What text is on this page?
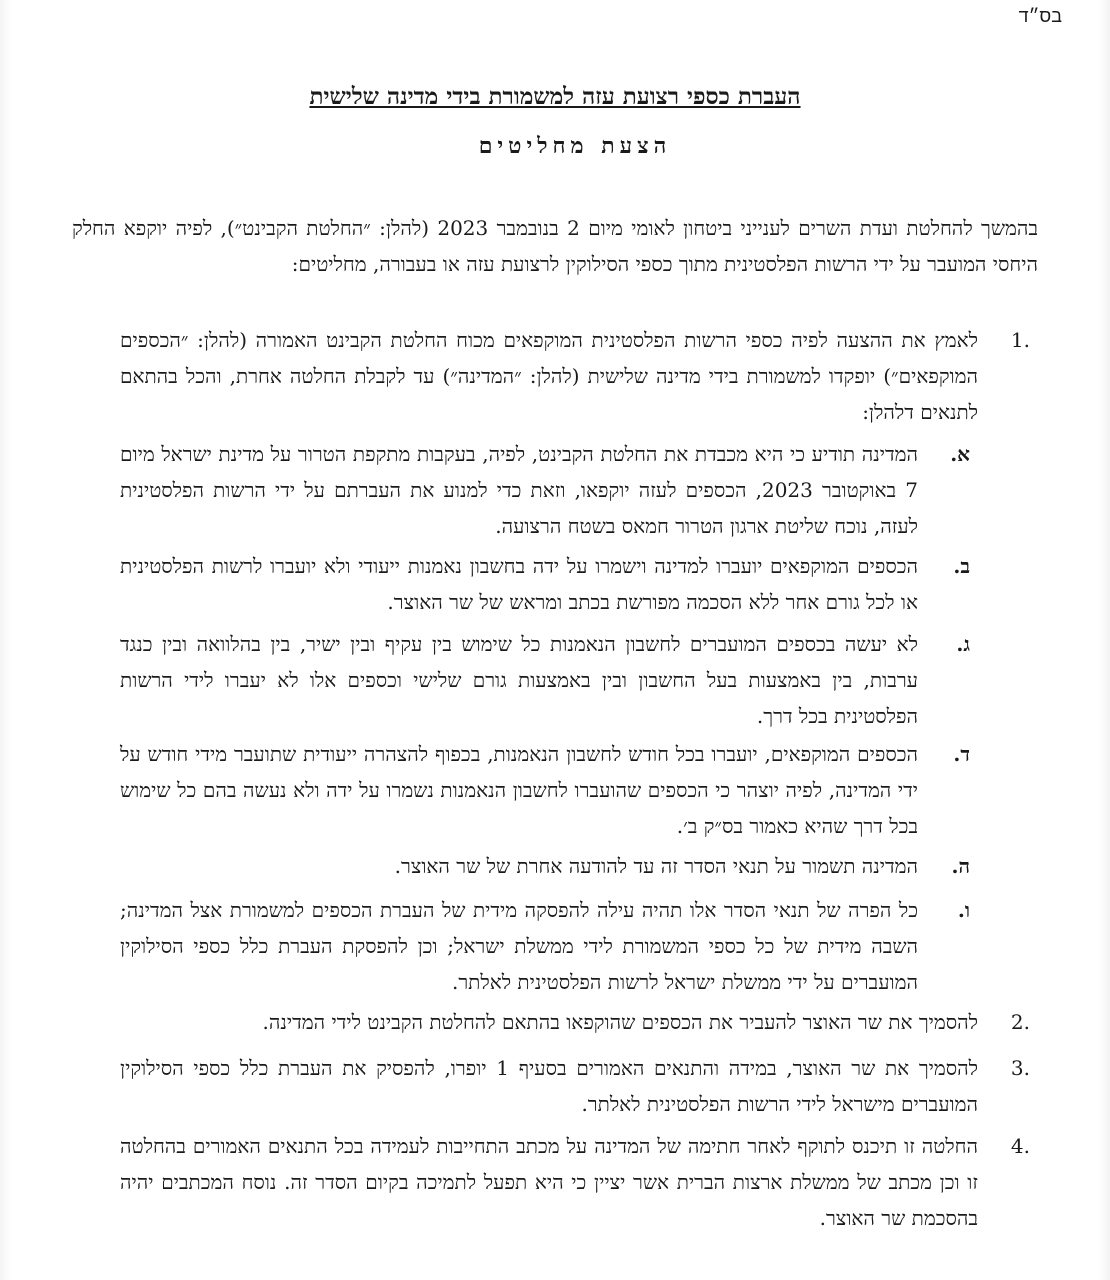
בס״ד
העברת כספי רצועת עזה למשמורת בידי מדינה שלישית
הצעת מחליטים
בהמשך להחלטת ועדת השרים לענייני ביטחון לאומי מיום 2 בנובמבר 2023 (להלן: ״החלטת הקבינט״), לפיה יוקפא החלק היחסי המועבר על ידי הרשות הפלסטינית מתוך כספי הסילוקין לרצועת עזה או בעבורה, מחליטים:
1.
לאמץ את ההצעה לפיה כספי הרשות הפלסטינית המוקפאים מכוח החלטת הקבינט האמורה (להלן: ״הכספים המוקפאים״) יופקדו למשמורת בידי מדינה שלישית (להלן: ״המדינה״) עד לקבלת החלטה אחרת, והכל בהתאם לתנאים דלהלן:
א.
המדינה תודיע כי היא מכבדת את החלטת הקבינט, לפיה, בעקבות מתקפת הטרור על מדינת ישראל מיום 7 באוקטובר 2023, הכספים לעזה יוקפאו, וזאת כדי למנוע את העברתם על ידי הרשות הפלסטינית לעזה, נוכח שליטת ארגון הטרור חמאס בשטח הרצועה.
ב.
הכספים המוקפאים יועברו למדינה וישמרו על ידה בחשבון נאמנות ייעודי ולא יועברו לרשות הפלסטינית או לכל גורם אחר ללא הסכמה מפורשת בכתב ומראש של שר האוצר.
ג.
לא יעשה בכספים המועברים לחשבון הנאמנות כל שימוש בין עקיף ובין ישיר, בין בהלוואה ובין כנגד ערבות, בין באמצעות בעל החשבון ובין באמצעות גורם שלישי וכספים אלו לא יעברו לידי הרשות הפלסטינית בכל דרך.
ד.
הכספים המוקפאים, יועברו בכל חודש לחשבון הנאמנות, בכפוף להצהרה ייעודית שתועבר מידי חודש על ידי המדינה, לפיה יוצהר כי הכספים שהועברו לחשבון הנאמנות נשמרו על ידה ולא נעשה בהם כל שימוש בכל דרך שהיא כאמור בס״ק ב׳.
ה.
המדינה תשמור על תנאי הסדר זה עד להודעה אחרת של שר האוצר.
ו.
כל הפרה של תנאי הסדר אלו תהיה עילה להפסקה מידית של העברת הכספים למשמורת אצל המדינה; השבה מידית של כל כספי המשמורת לידי ממשלת ישראל; וכן להפסקת העברת כלל כספי הסילוקין המועברים על ידי ממשלת ישראל לרשות הפלסטינית לאלתר.
2.
להסמיך את שר האוצר להעביר את הכספים שהוקפאו בהתאם להחלטת הקבינט לידי המדינה.
3.
להסמיך את שר האוצר, במידה והתנאים האמורים בסעיף 1 יופרו, להפסיק את העברת כלל כספי הסילוקין המועברים מישראל לידי הרשות הפלסטינית לאלתר.
4.
החלטה זו תיכנס לתוקף לאחר חתימה של המדינה על מכתב התחייבות לעמידה בכל התנאים האמורים בהחלטה זו וכן מכתב של ממשלת ארצות הברית אשר יציין כי היא תפעל לתמיכה בקיום הסדר זה. נוסח המכתבים יהיה בהסכמת שר האוצר.
